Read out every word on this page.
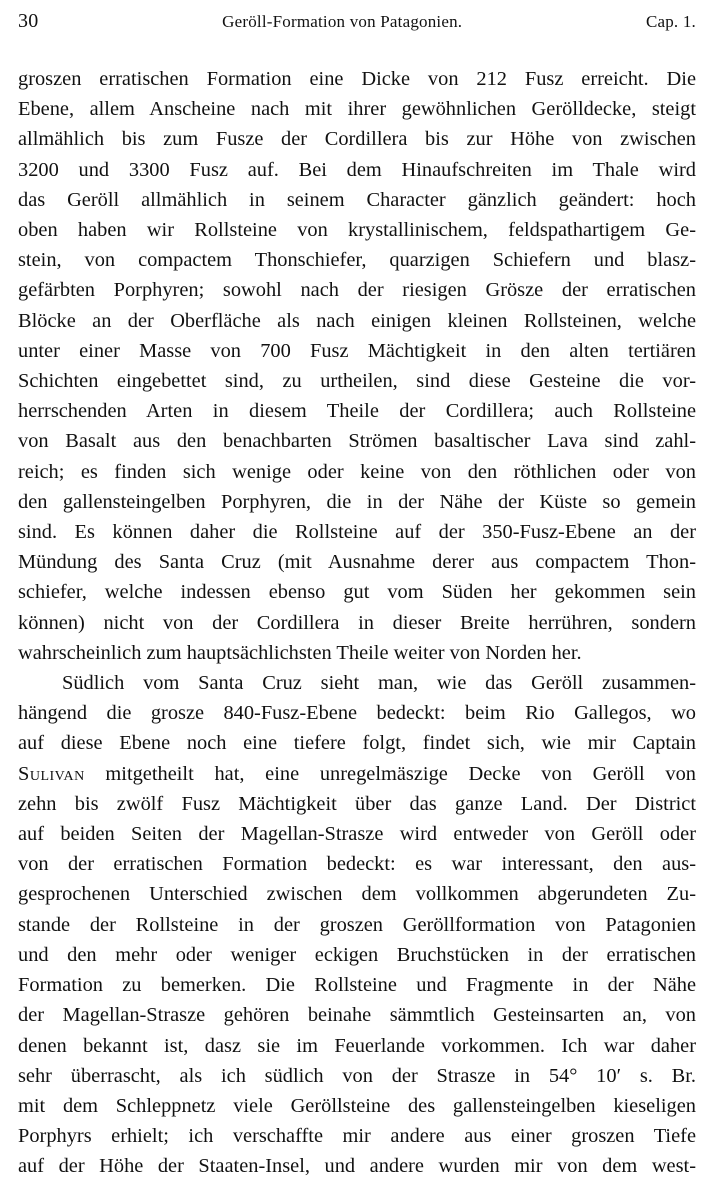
30	Geröll-Formation von Patagonien.	Cap. 1.
groszen erratischen Formation eine Dicke von 212 Fusz erreicht. Die
Ebene, allem Anscheine nach mit ihrer gewöhnlichen Gerölldecke, steigt
allmählich bis zum Fusze der Cordillera bis zur Höhe von zwischen
3200 und 3300 Fusz auf. Bei dem Hinaufschreiten im Thale wird
das Geröll allmählich in seinem Character gänzlich geändert: hoch
oben haben wir Rollsteine von krystallinischem, feldspathartigem Ge-
stein, von compactem Thonschiefer, quarzigen Schiefern und blasz-
gefärbten Porphyren; sowohl nach der riesigen Grösze der erratischen
Blöcke an der Oberfläche als nach einigen kleinen Rollsteinen, welche
unter einer Masse von 700 Fusz Mächtigkeit in den alten tertiären
Schichten eingebettet sind, zu urtheilen, sind diese Gesteine die vor-
herrschenden Arten in diesem Theile der Cordillera; auch Rollsteine
von Basalt aus den benachbarten Strömen basaltischer Lava sind zahl-
reich; es finden sich wenige oder keine von den röthlichen oder von
den gallensteingelben Porphyren, die in der Nähe der Küste so gemein
sind. Es können daher die Rollsteine auf der 350-Fusz-Ebene an der
Mündung des Santa Cruz (mit Ausnahme derer aus compactem Thon-
schiefer, welche indessen ebenso gut vom Süden her gekommen sein
können) nicht von der Cordillera in dieser Breite herrühren, sondern
wahrscheinlich zum hauptsächlichsten Theile weiter von Norden her.
Südlich vom Santa Cruz sieht man, wie das Geröll zusammen-
hängend die grosze 840-Fusz-Ebene bedeckt: beim Rio Gallegos, wo
auf diese Ebene noch eine tiefere folgt, findet sich, wie mir Captain
Sulivan mitgetheilt hat, eine unregelmäszige Decke von Geröll von
zehn bis zwölf Fusz Mächtigkeit über das ganze Land. Der District
auf beiden Seiten der Magellan-Strasze wird entweder von Geröll oder
von der erratischen Formation bedeckt: es war interessant, den aus-
gesprochenen Unterschied zwischen dem vollkommen abgerundeten Zu-
stande der Rollsteine in der groszen Geröllformation von Patagonien
und den mehr oder weniger eckigen Bruchstücken in der erratischen
Formation zu bemerken. Die Rollsteine und Fragmente in der Nähe
der Magellan-Strasze gehören beinahe sämmtlich Gesteinsarten an, von
denen bekannt ist, dasz sie im Feuerlande vorkommen. Ich war daher
sehr überrascht, als ich südlich von der Strasze in 54° 10′ s. Br.
mit dem Schleppnetz viele Geröllsteine des gallensteingelben kieseligen
Porphyrs erhielt; ich verschaffte mir andere aus einer groszen Tiefe
auf der Höhe der Staaten-Insel, und andere wurden mir von dem west-
